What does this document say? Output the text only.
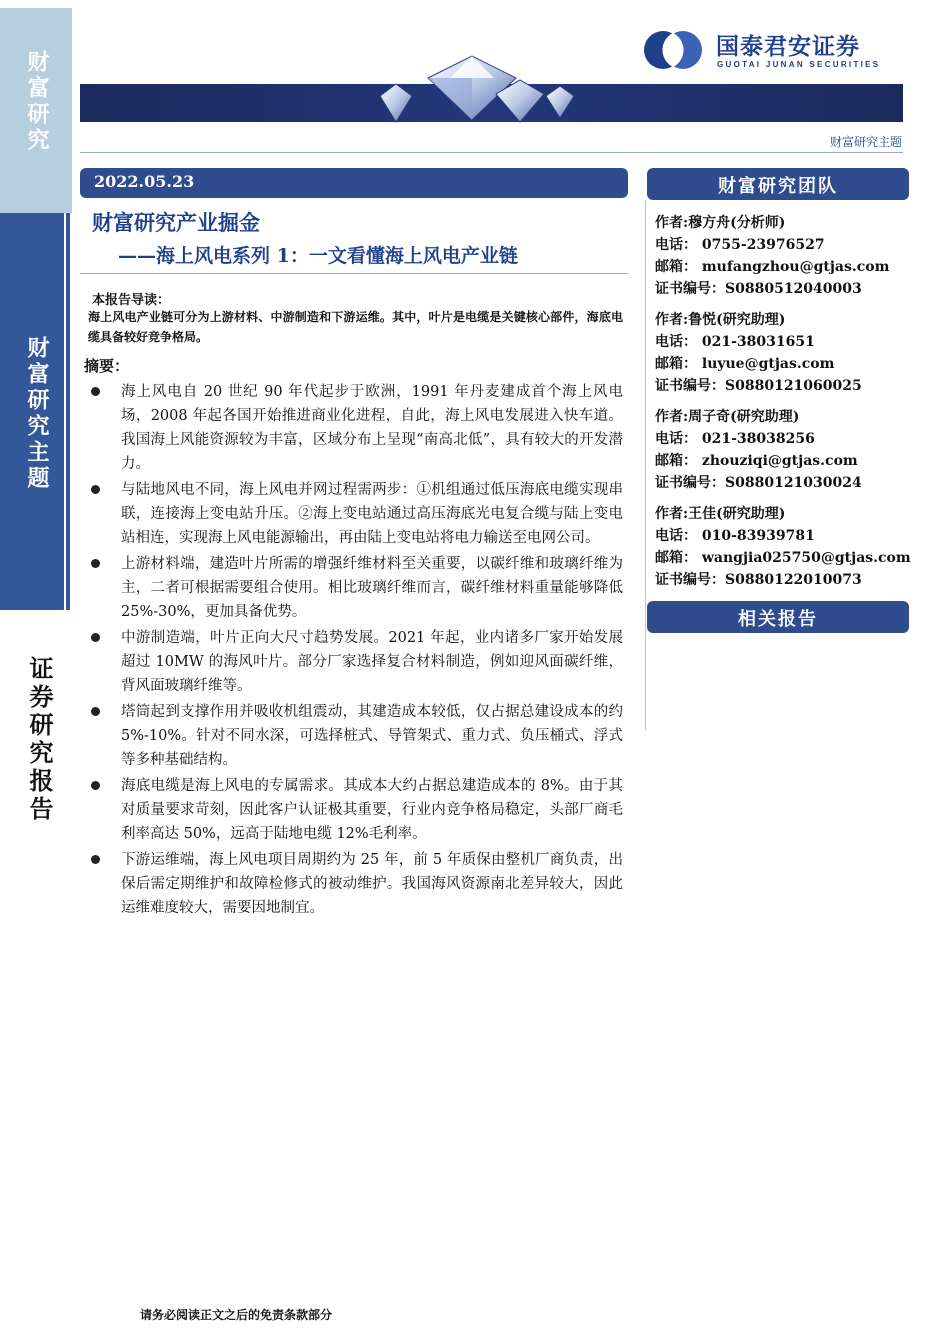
财富研究
财富研究主题
证券研究报告
国泰君安证券
GUOTAI JUNAN SECURITIES
财富研究主题
2022.05.23
财富研究产业掘金
——海上风电系列 1：一文看懂海上风电产业链
本报告导读：
海上风电产业链可分为上游材料、中游制造和下游运维。其中，叶片是电缆是关键核心部件，海底电缆具备较好竞争格局。
摘要：
海上风电自 20 世纪 90 年代起步于欧洲，1991 年丹麦建成首个海上风电场，2008 年起各国开始推进商业化进程，自此，海上风电发展进入快车道。我国海上风能资源较为丰富，区域分布上呈现“南高北低”，具有较大的开发潜力。
与陆地风电不同，海上风电并网过程需两步：①机组通过低压海底电缆实现串联，连接海上变电站升压。②海上变电站通过高压海底光电复合缆与陆上变电站相连，实现海上风电能源输出，再由陆上变电站将电力输送至电网公司。
上游材料端，建造叶片所需的增强纤维材料至关重要，以碳纤维和玻璃纤维为主，二者可根据需要组合使用。相比玻璃纤维而言，碳纤维材料重量能够降低 25%-30%，更加具备优势。
中游制造端，叶片正向大尺寸趋势发展。2021 年起，业内诸多厂家开始发展超过 10MW 的海风叶片。部分厂家选择复合材料制造，例如迎风面碳纤维，背风面玻璃纤维等。
塔筒起到支撑作用并吸收机组震动，其建造成本较低，仅占据总建设成本的约 5%-10%。针对不同水深，可选择桩式、导管架式、重力式、负压桶式、浮式等多种基础结构。
海底电缆是海上风电的专属需求。其成本大约占据总建造成本的 8%。由于其对质量要求苛刻，因此客户认证极其重要，行业内竞争格局稳定，头部厂商毛利率高达 50%，远高于陆地电缆 12%毛利率。
下游运维端，海上风电项目周期约为 25 年，前 5 年质保由整机厂商负责，出保后需定期维护和故障检修式的被动维护。我国海风资源南北差异较大，因此运维难度较大，需要因地制宜。
财富研究团队
作者:穆方舟(分析师)
电话： 0755-23976527
邮箱： mufangzhou@gtjas.com
证书编号：S0880512040003
作者:鲁悦(研究助理)
电话： 021-38031651
邮箱： luyue@gtjas.com
证书编号：S0880121060025
作者:周子奇(研究助理)
电话： 021-38038256
邮箱： zhouziqi@gtjas.com
证书编号：S0880121030024
作者:王佳(研究助理)
电话： 010-83939781
邮箱： wangjia025750@gtjas.com
证书编号：S0880122010073
相关报告
请务必阅读正文之后的免责条款部分
